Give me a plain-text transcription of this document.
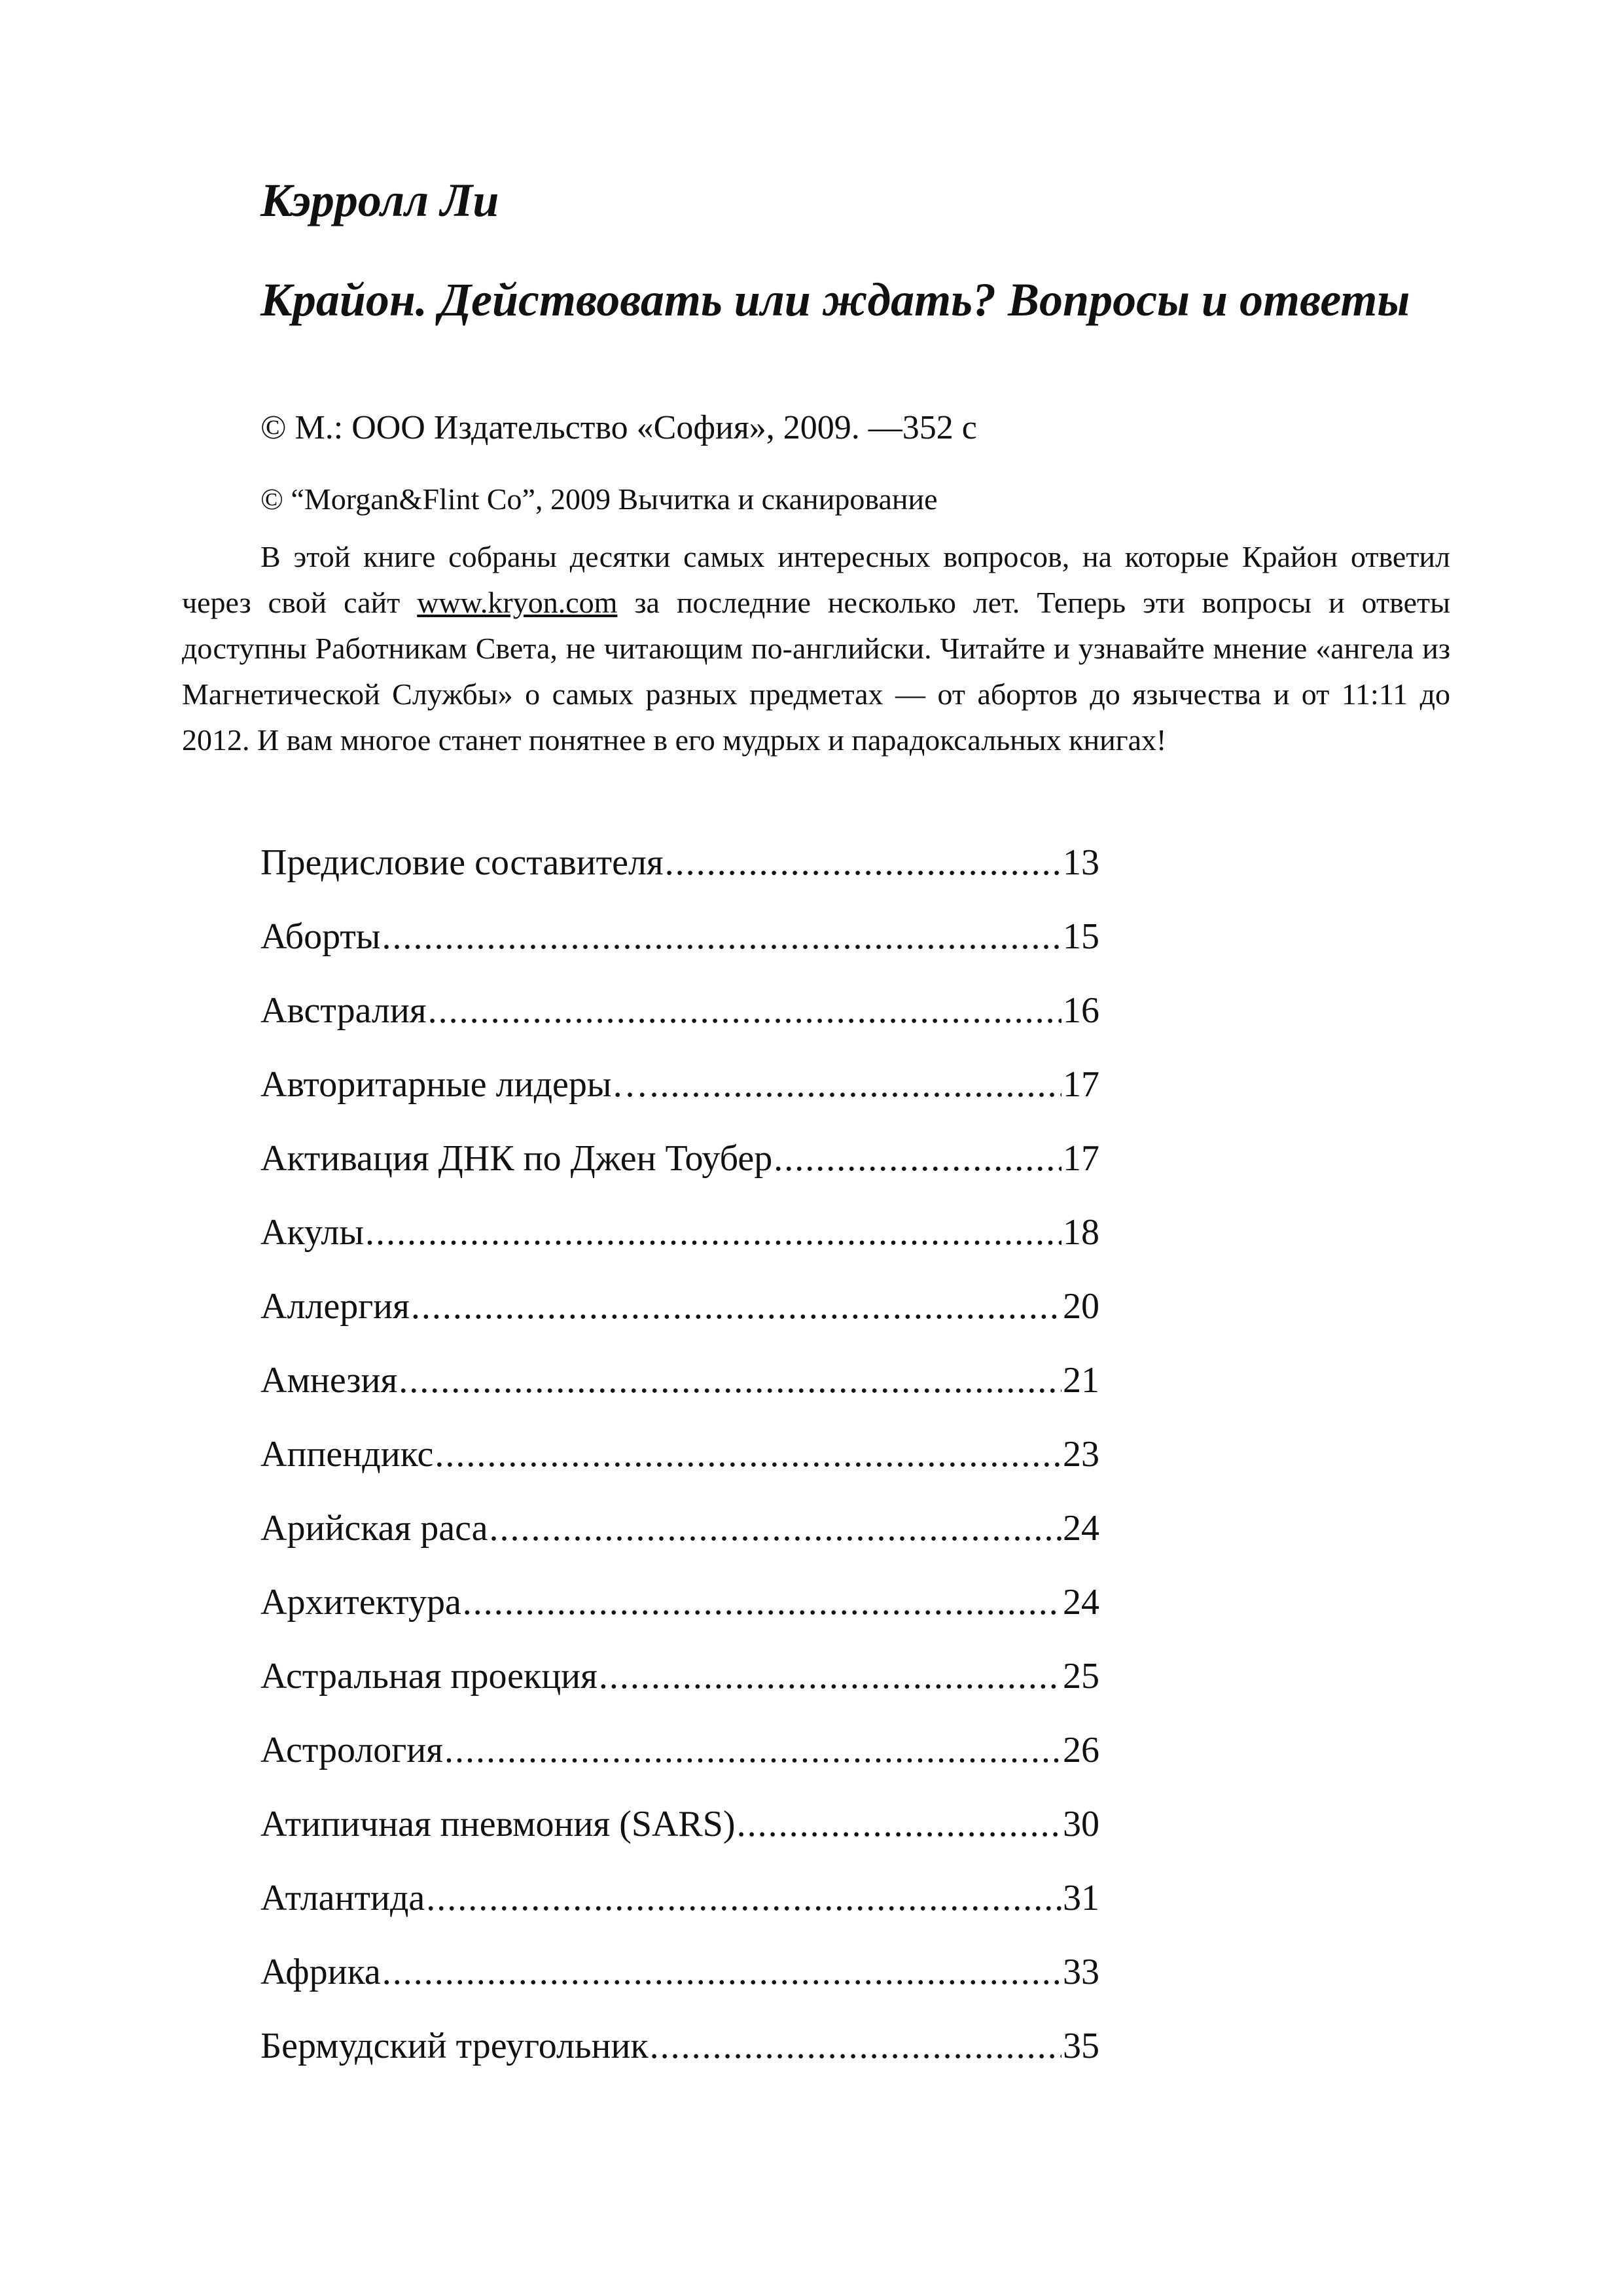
Кэрролл Ли
Крайон. Действовать или ждать? Вопросы и ответы

© М.: ООО Издательство «София», 2009. —352 с

© “Morgan&Flint Co”, 2009 Вычитка и сканирование

В этой книге собраны десятки самых интересных вопросов, на которые Крайон ответил через свой сайт www.kryon.com за последние несколько лет. Теперь эти вопросы и ответы доступны Работникам Света, не читающим по-английски. Читайте и узнавайте мнение «ангела из Магнетической Службы» о самых разных предметах — от абортов до язычества и от 11:11 до 2012. И вам многое станет понятнее в его мудрых и парадоксальных книгах!

Предисловие составителя .....	13
Аборты .....	15
Австралия .....	16
Авторитарные лидеры… .....	17
Активация ДНК по Джен Тоубер .....	17
Акулы .....	18
Аллергия .....	20
Амнезия .....	21
Аппендикс .....	23
Арийская раса .....	24
Архитектура .....	24
Астральная проекция .....	25
Астрология .....	26
Атипичная пневмония (SARS) .....	30
Атлантида .....	31
Африка .....	33
Бермудский треугольник .....	35
